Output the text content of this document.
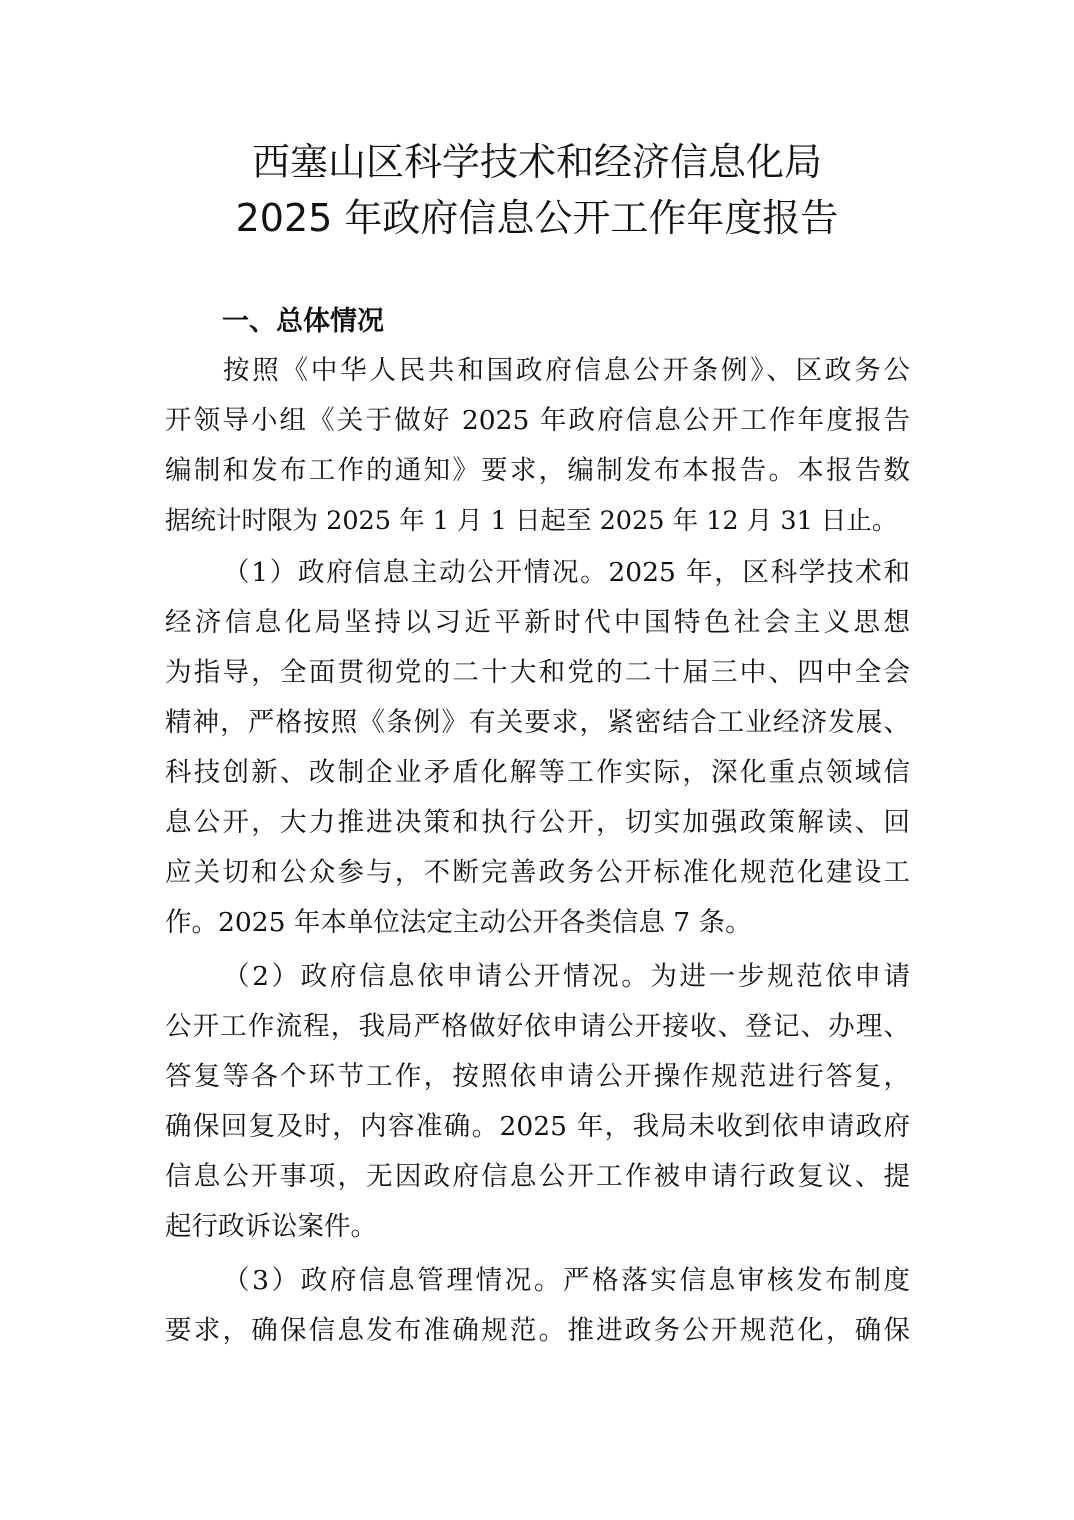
西塞山区科学技术和经济信息化局
2025 年政府信息公开工作年度报告
一、总体情况
按照《中华人民共和国政府信息公开条例》、区政务公
开领导小组《关于做好 2025 年政府信息公开工作年度报告
编制和发布工作的通知》要求，编制发布本报告。本报告数
据统计时限为 2025 年 1 月 1 日起至 2025 年 12 月 31 日止。
（1）政府信息主动公开情况。2025 年，区科学技术和
经济信息化局坚持以习近平新时代中国特色社会主义思想
为指导，全面贯彻党的二十大和党的二十届三中、四中全会
精神，严格按照《条例》有关要求，紧密结合工业经济发展、
科技创新、改制企业矛盾化解等工作实际，深化重点领域信
息公开，大力推进决策和执行公开，切实加强政策解读、回
应关切和公众参与，不断完善政务公开标准化规范化建设工
作。2025 年本单位法定主动公开各类信息 7 条。
（2）政府信息依申请公开情况。为进一步规范依申请
公开工作流程，我局严格做好依申请公开接收、登记、办理、
答复等各个环节工作，按照依申请公开操作规范进行答复，
确保回复及时，内容准确。2025 年，我局未收到依申请政府
信息公开事项，无因政府信息公开工作被申请行政复议、提
起行政诉讼案件。
（3）政府信息管理情况。严格落实信息审核发布制度
要求，确保信息发布准确规范。推进政务公开规范化，确保
